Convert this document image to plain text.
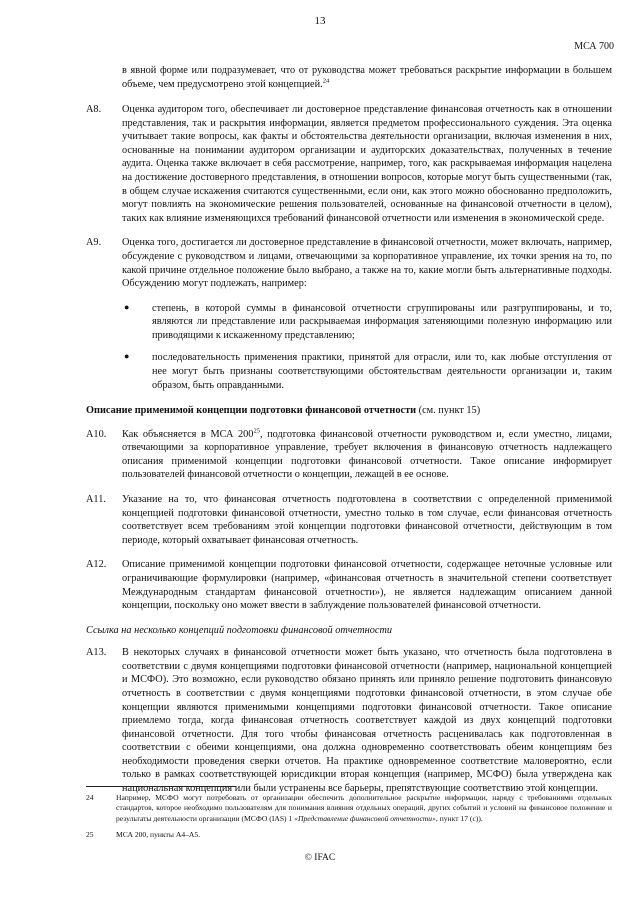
13
МСА 700

в явной форме или подразумевает, что от руководства может требоваться раскрытие информации в большем объеме, чем предусмотрено этой концепцией.$^{24}$

A8.	Оценка аудитором того, обеспечивает ли достоверное представление финансовая отчетность как в отношении представления, так и раскрытия информации, является предметом профессионального суждения. Эта оценка учитывает такие вопросы, как факты и обстоятельства деятельности организации, включая изменения в них, основанные на понимании аудитором организации и аудиторских доказательствах, полученных в течение аудита. Оценка также включает в себя рассмотрение, например, того, как раскрываемая информация нацелена на достижение достоверного представления, в отношении вопросов, которые могут быть существенными (так, в общем случае искажения считаются существенными, если они, как этого можно обоснованно предположить, могут повлиять на экономические решения пользователей, основанные на финансовой отчетности в целом), таких как влияние изменяющихся требований финансовой отчетности или изменения в экономической среде.
A9.	Оценка того, достигается ли достоверное представление в финансовой отчетности, может включать, например, обсуждение с руководством и лицами, отвечающими за корпоративное управление, их точки зрения на то, по какой причине отдельное положение было выбрано, а также на то, какие могли быть альтернативные подходы. Обсуждению могут подлежать, например:
●	степень, в которой суммы в финансовой отчетности сгруппированы или разгруппированы, и то, являются ли представление или раскрываемая информация затеняющими полезную информацию или приводящими к искаженному представлению;
●	последовательность применения практики, принятой для отрасли, или то, как любые отступления от нее могут быть признаны соответствующими обстоятельствам деятельности организации и, таким образом, быть оправданными.

Описание применимой концепции подготовки финансовой отчетности (см. пункт 15)

A10.	Как объясняется в МСА $200^{25}$, подготовка финансовой отчетности руководством и, если уместно, лицами, отвечающими за корпоративное управление, требует включения в финансовую отчетность надлежащего описания применимой концепции подготовки финансовой отчетности. Такое описание информирует пользователей финансовой отчетности о концепции, лежащей в ее основе.
A11.	Указание на то, что финансовая отчетность подготовлена в соответствии с определенной применимой концепцией подготовки финансовой отчетности, уместно только в том случае, если финансовая отчетность соответствует всем требованиям этой концепции подготовки финансовой отчетности, действующим в том периоде, который охватывает финансовая отчетность.
A12.	Описание применимой концепции подготовки финансовой отчетности, содержащее неточные условные или ограничивающие формулировки (например, «финансовая отчетность в значительной степени соответствует Международным стандартам финансовой отчетности»), не является надлежащим описанием данной концепции, поскольку оно может ввести в заблуждение пользователей финансовой отчетности.

Ссылка на несколько концепций подготовки финансовой отчетности

A13.	В некоторых случаях в финансовой отчетности может быть указано, что отчетность была подготовлена в соответствии с двумя концепциями подготовки финансовой отчетности (например, национальной концепцией и МСФО). Это возможно, если руководство обязано принять или приняло решение подготовить финансовую отчетность в соответствии с двумя концепциями подготовки финансовой отчетности, в этом случае обе концепции являются применимыми концепциями подготовки финансовой отчетности. Такое описание приемлемо тогда, когда финансовая отчетность соответствует каждой из двух концепций подготовки финансовой отчетности. Для того чтобы финансовая отчетность расценивалась как подготовленная в соответствии с обеими концепциями, она должна одновременно соответствовать обеим концепциям без необходимости проведения сверки отчетов. На практике одновременное соответствие маловероятно, если только в рамках соответствующей юрисдикции вторая концепция (например, МСФО) была утверждена как национальная концепция или были устранены все барьеры, препятствующие соответствию этой концепции.
24	Например, МСФО могут потребовать от организации обеспечить дополнительное раскрытие информации, наряду с требованиями отдельных стандартов, которое необходимо пользователям для понимания влияния отдельных операций, других событий и условий на финансовое положение и результаты деятельности организации (МСФО (IAS) 1 «Представление финансовой отчетности», пункт 17 (c)).
25	МСА 200, пункты A4–A5.
© IFAC
